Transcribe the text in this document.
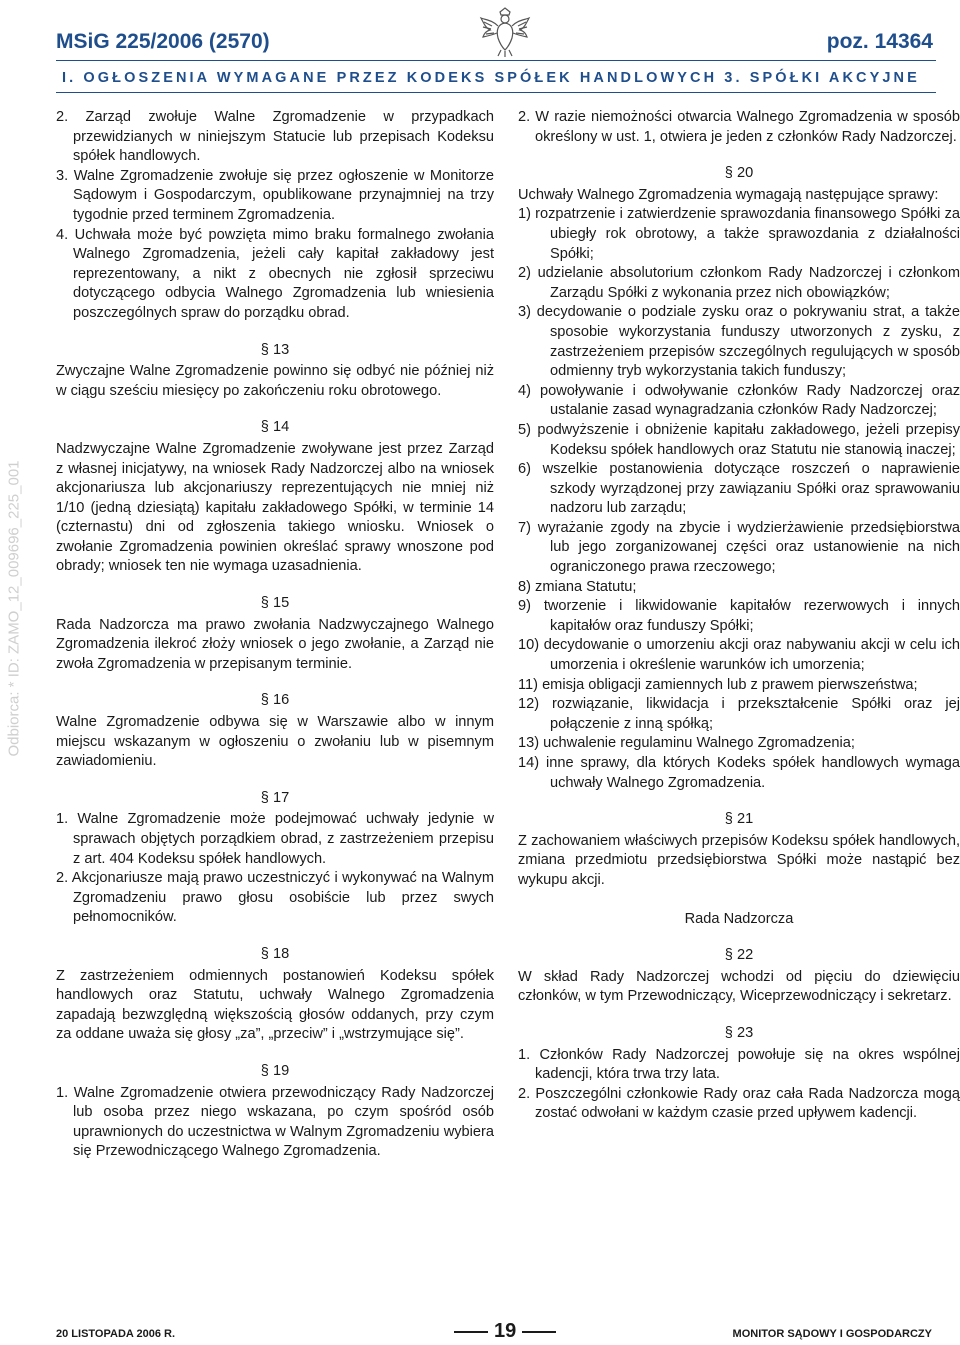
MSiG 225/2006 (2570)	poz. 14364
I. OGŁOSZENIA WYMAGANE PRZEZ KODEKS SPÓŁEK HANDLOWYCH 3. SPÓŁKI AKCYJNE
Odbiorca: * ID: ZAMO_12_009696_225_001

2. Zarząd zwołuje Walne Zgromadzenie w przypadkach przewidzianych w niniejszym Statucie lub przepisach Kodeksu spółek handlowych.

3. Walne Zgromadzenie zwołuje się przez ogłoszenie w Monitorze Sądowym i Gospodarczym, opublikowane przynajmniej na trzy tygodnie przed terminem Zgromadzenia.

4. Uchwała może być powzięta mimo braku formalnego zwołania Walnego Zgromadzenia, jeżeli cały kapitał zakładowy jest reprezentowany, a nikt z obecnych nie zgłosił sprzeciwu dotyczącego odbycia Walnego Zgromadzenia lub wniesienia poszczególnych spraw do porządku obrad.

§ 13

Zwyczajne Walne Zgromadzenie powinno się odbyć nie później niż w ciągu sześciu miesięcy po zakończeniu roku obrotowego.

§ 14

Nadzwyczajne Walne Zgromadzenie zwoływane jest przez Zarząd z własnej inicjatywy, na wniosek Rady Nadzorczej albo na wniosek akcjonariusza lub akcjonariuszy reprezentujących nie mniej niż 1/10 (jedną dziesiątą) kapitału zakładowego Spółki, w terminie 14 (czternastu) dni od zgłoszenia takiego wniosku. Wniosek o zwołanie Zgromadzenia powinien określać sprawy wnoszone pod obrady; wniosek ten nie wymaga uzasadnienia.

§ 15

Rada Nadzorcza ma prawo zwołania Nadzwyczajnego Walnego Zgromadzenia ilekroć złoży wniosek o jego zwołanie, a Zarząd nie zwoła Zgromadzenia w przepisanym terminie.

§ 16

Walne Zgromadzenie odbywa się w Warszawie albo w innym miejscu wskazanym w ogłoszeniu o zwołaniu lub w pisemnym zawiadomieniu.

§ 17

1. Walne Zgromadzenie może podejmować uchwały jedynie w sprawach objętych porządkiem obrad, z zastrzeżeniem przepisu z art. 404 Kodeksu spółek handlowych.

2. Akcjonariusze mają prawo uczestniczyć i wykonywać na Walnym Zgromadzeniu prawo głosu osobiście lub przez swych pełnomocników.

§ 18

Z zastrzeżeniem odmiennych postanowień Kodeksu spółek handlowych oraz Statutu, uchwały Walnego Zgromadzenia zapadają bezwzględną większością głosów oddanych, przy czym za oddane uważa się głosy „za”, „przeciw” i „wstrzymujące się”.

§ 19

1. Walne Zgromadzenie otwiera przewodniczący Rady Nadzorczej lub osoba przez niego wskazana, po czym spośród osób uprawnionych do uczestnictwa w Walnym Zgromadzeniu wybiera się Przewodniczącego Walnego Zgromadzenia.

2. W razie niemożności otwarcia Walnego Zgromadzenia w sposób określony w ust. 1, otwiera je jeden z członków Rady Nadzorczej.

§ 20

Uchwały Walnego Zgromadzenia wymagają następujące sprawy:

1) rozpatrzenie i zatwierdzenie sprawozdania finansowego Spółki za ubiegły rok obrotowy, a także sprawozdania z działalności Spółki;

2) udzielanie absolutorium członkom Rady Nadzorczej i członkom Zarządu Spółki z wykonania przez nich obowiązków;

3) decydowanie o podziale zysku oraz o pokrywaniu strat, a także sposobie wykorzystania funduszy utworzonych z zysku, z zastrzeżeniem przepisów szczególnych regulujących w sposób odmienny tryb wykorzystania takich funduszy;

4) powoływanie i odwoływanie członków Rady Nadzorczej oraz ustalanie zasad wynagradzania członków Rady Nadzorczej;

5) podwyższenie i obniżenie kapitału zakładowego, jeżeli przepisy Kodeksu spółek handlowych oraz Statutu nie stanowią inaczej;

6) wszelkie postanowienia dotyczące roszczeń o naprawienie szkody wyrządzonej przy zawiązaniu Spółki oraz sprawowaniu nadzoru lub zarządu;

7) wyrażanie zgody na zbycie i wydzierżawienie przedsiębiorstwa lub jego zorganizowanej części oraz ustanowienie na nich ograniczonego prawa rzeczowego;

8) zmiana Statutu;

9) tworzenie i likwidowanie kapitałów rezerwowych i innych kapitałów oraz funduszy Spółki;

10) decydowanie o umorzeniu akcji oraz nabywaniu akcji w celu ich umorzenia i określenie warunków ich umorzenia;

11) emisja obligacji zamiennych lub z prawem pierwszeństwa;

12) rozwiązanie, likwidacja i przekształcenie Spółki oraz jej połączenie z inną spółką;

13) uchwalenie regulaminu Walnego Zgromadzenia;

14) inne sprawy, dla których Kodeks spółek handlowych wymaga uchwały Walnego Zgromadzenia.

§ 21

Z zachowaniem właściwych przepisów Kodeksu spółek handlowych, zmiana przedmiotu przedsiębiorstwa Spółki może nastąpić bez wykupu akcji.

Rada Nadzorcza

§ 22

W skład Rady Nadzorczej wchodzi od pięciu do dziewięciu członków, w tym Przewodniczący, Wiceprzewodniczący i sekretarz.

§ 23

1. Członków Rady Nadzorczej powołuje się na okres wspólnej kadencji, która trwa trzy lata.

2. Poszczególni członkowie Rady oraz cała Rada Nadzorcza mogą zostać odwołani w każdym czasie przed upływem kadencji.

20 LISTOPADA 2006 R.	19	MONITOR SĄDOWY I GOSPODARCZY
